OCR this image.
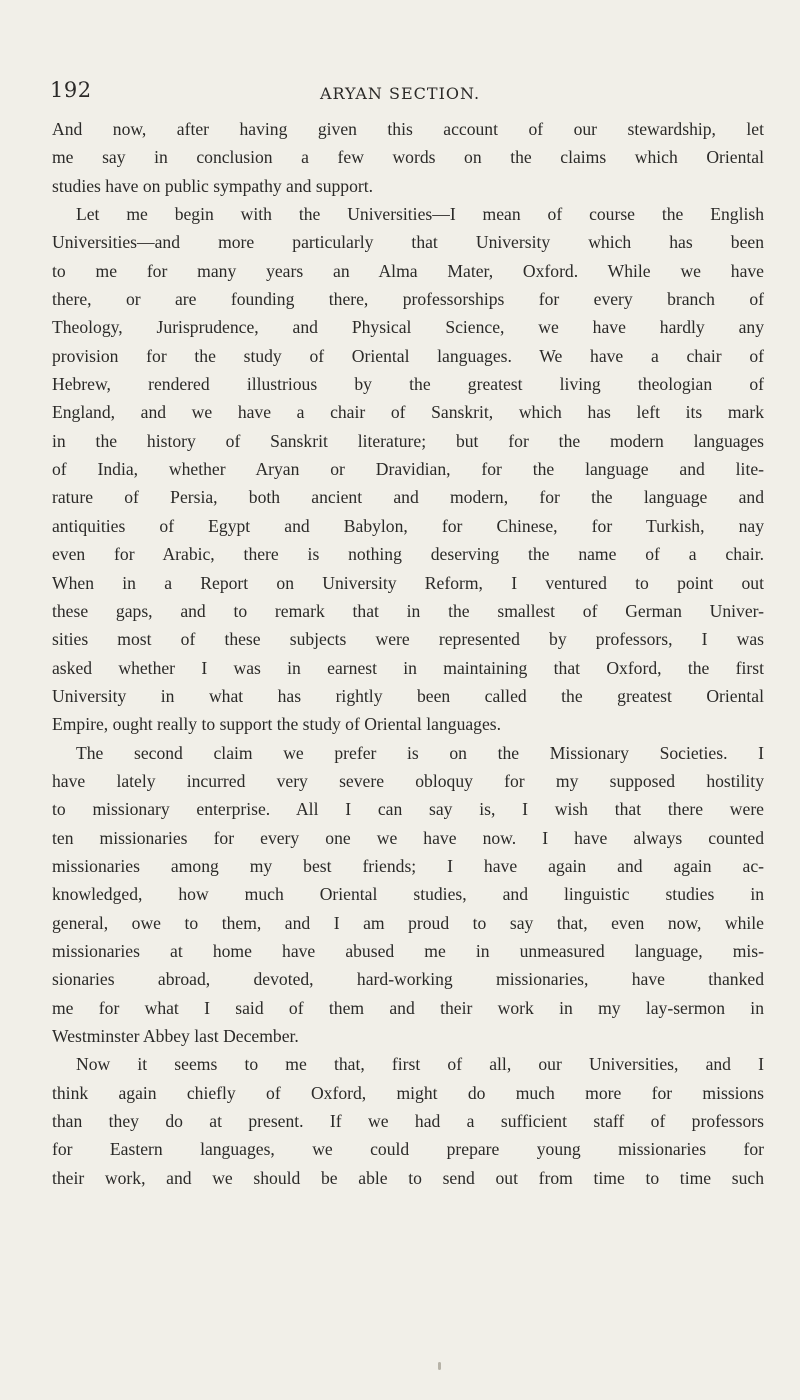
192	ARYAN SECTION.
And now, after having given this account of our stewardship, let
me say in conclusion a few words on the claims which Oriental
studies have on public sympathy and support.
Let me begin with the Universities—I mean of course the English
Universities—and more particularly that University which has been
to me for many years an Alma Mater, Oxford. While we have
there, or are founding there, professorships for every branch of
Theology, Jurisprudence, and Physical Science, we have hardly any
provision for the study of Oriental languages. We have a chair of
Hebrew, rendered illustrious by the greatest living theologian of
England, and we have a chair of Sanskrit, which has left its mark
in the history of Sanskrit literature; but for the modern languages
of India, whether Aryan or Dravidian, for the language and lite-
rature of Persia, both ancient and modern, for the language and
antiquities of Egypt and Babylon, for Chinese, for Turkish, nay
even for Arabic, there is nothing deserving the name of a chair.
When in a Report on University Reform, I ventured to point out
these gaps, and to remark that in the smallest of German Univer-
sities most of these subjects were represented by professors, I was
asked whether I was in earnest in maintaining that Oxford, the first
University in what has rightly been called the greatest Oriental
Empire, ought really to support the study of Oriental languages.
The second claim we prefer is on the Missionary Societies. I
have lately incurred very severe obloquy for my supposed hostility
to missionary enterprise. All I can say is, I wish that there were
ten missionaries for every one we have now. I have always counted
missionaries among my best friends; I have again and again ac-
knowledged, how much Oriental studies, and linguistic studies in
general, owe to them, and I am proud to say that, even now, while
missionaries at home have abused me in unmeasured language, mis-
sionaries abroad, devoted, hard-working missionaries, have thanked
me for what I said of them and their work in my lay-sermon in
Westminster Abbey last December.
Now it seems to me that, first of all, our Universities, and I
think again chiefly of Oxford, might do much more for missions
than they do at present. If we had a sufficient staff of professors
for Eastern languages, we could prepare young missionaries for
their work, and we should be able to send out from time to time such
